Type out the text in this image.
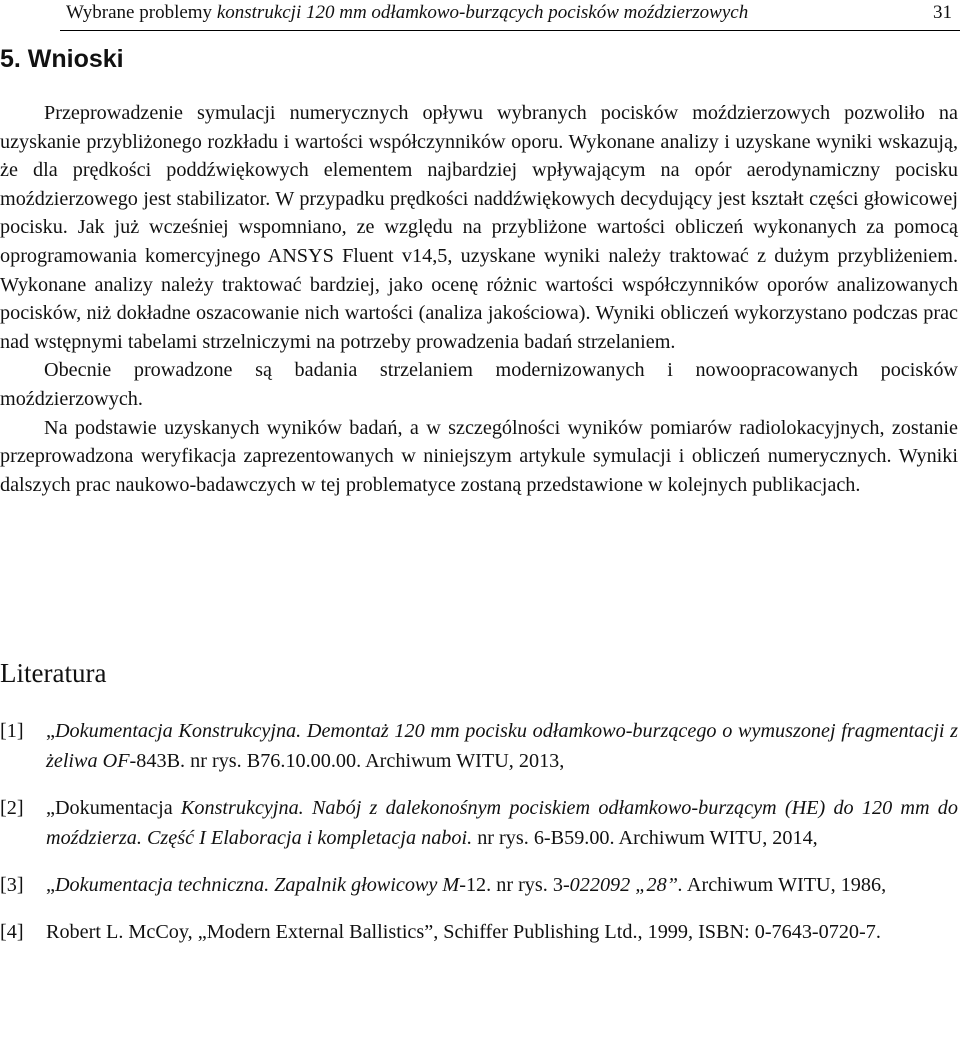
Wybrane problemy konstrukcji 120 mm odłamkowo-burzących pocisków moździerzowych	31
5. Wnioski

Przeprowadzenie symulacji numerycznych opływu wybranych pocisków moździerzowych pozwoliło na uzyskanie przybliżonego rozkładu i wartości współczynników oporu. Wykonane analizy i uzyskane wyniki wskazują, że dla prędkości poddźwiękowych elementem najbardziej wpływającym na opór aerodynamiczny pocisku moździerzowego jest stabilizator. W przypadku prędkości naddźwiękowych decydujący jest kształt części głowicowej pocisku. Jak już wcześniej wspomniano, ze względu na przybliżone wartości obliczeń wykonanych za pomocą oprogramowania komercyjnego ANSYS Fluent v14,5, uzyskane wyniki należy traktować z dużym przybliżeniem. Wykonane analizy należy traktować bardziej, jako ocenę różnic wartości współczynników oporów analizowanych pocisków, niż dokładne oszacowanie nich wartości (analiza jakościowa). Wyniki obliczeń wykorzystano podczas prac nad wstępnymi tabelami strzelniczymi na potrzeby prowadzenia badań strzelaniem.

Obecnie prowadzone są badania strzelaniem modernizowanych i nowoopracowanych pocisków moździerzowych.

Na podstawie uzyskanych wyników badań, a w szczególności wyników pomiarów radiolokacyjnych, zostanie przeprowadzona weryfikacja zaprezentowanych w niniejszym artykule symulacji i obliczeń numerycznych. Wyniki dalszych prac naukowo-badawczych w tej problematyce zostaną przedstawione w kolejnych publikacjach.

Literatura
[1] „Dokumentacja Konstrukcyjna. Demontaż 120 mm pocisku odłamkowo-burzącego o wymuszonej fragmentacji z żeliwa OF-843B. nr rys. B76.10.00.00. Archiwum WITU, 2013,
[2] „Dokumentacja Konstrukcyjna. Nabój z dalekonośnym pociskiem odłamkowo-burzącym (HE) do 120 mm do moździerza. Część I Elaboracja i kompletacja naboi. nr rys. 6-B59.00. Archiwum WITU, 2014,
[3] „Dokumentacja techniczna. Zapalnik głowicowy M-12. nr rys. 3-022092 „28”. Archiwum WITU, 1986,
[4] Robert L. McCoy, „Modern External Ballistics”, Schiffer Publishing Ltd., 1999, ISBN: 0-7643-0720-7.
